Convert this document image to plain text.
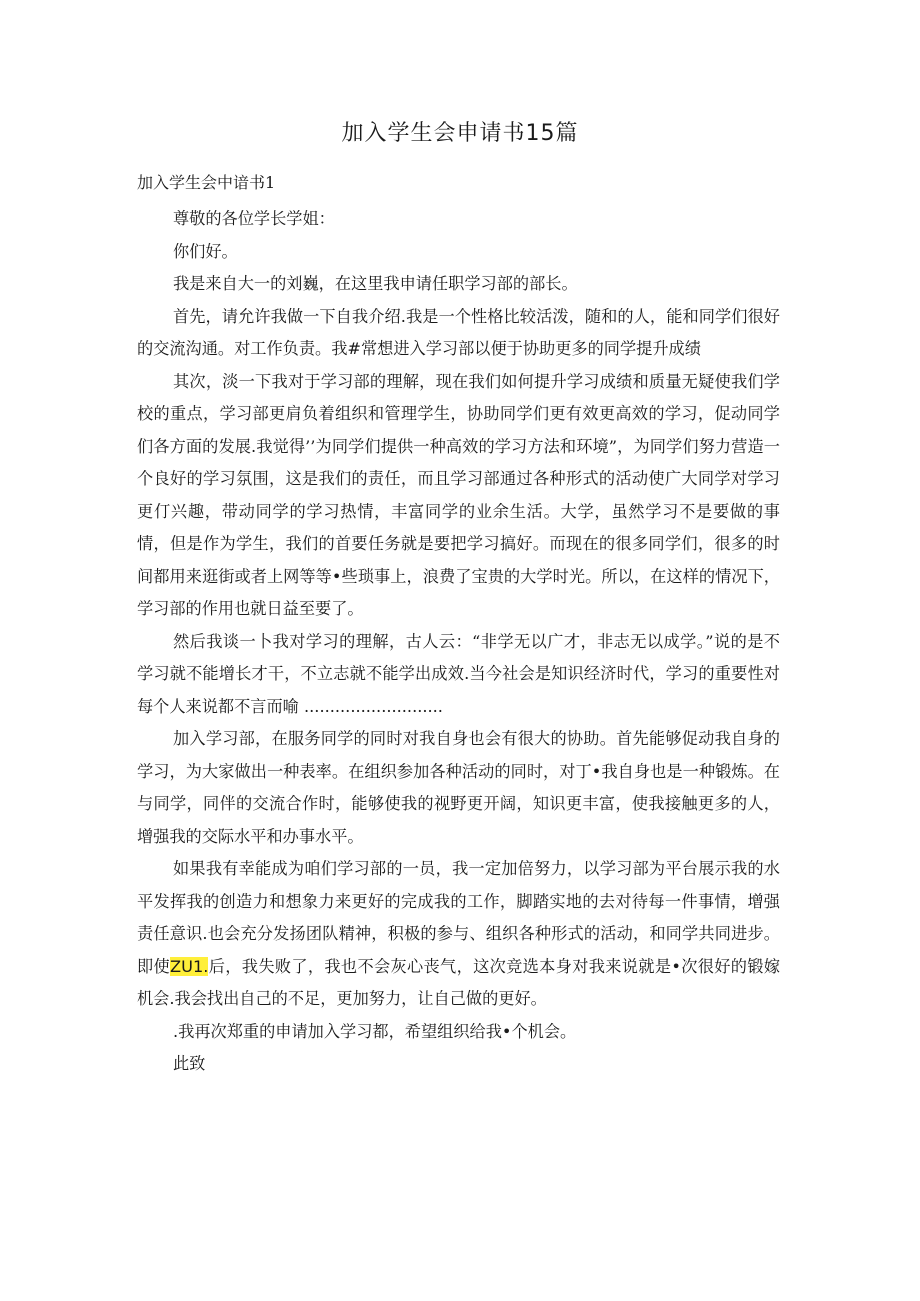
加入学生会申请书15篇
加入学生会中谙书1

尊敬的各位学长学姐：

你们好。

我是来自大一的刘巍，在这里我申请任职学习部的部长。

首先，请允许我做一下自我介绍.我是一个性格比较活泼，随和的人，能和同学们很好的交流沟通。对工作负责。我#常想进入学习部以便于协助更多的同学提升成绩

其次，淡一下我对于学习部的理解，现在我们如何提升学习成绩和质量无疑使我们学校的重点，学习部更肩负着组织和管理学生，协助同学们更有效更高效的学习，促动同学们各方面的发展.我觉得’’为同学们提供一种高效的学习方法和环境”，为同学们努力营造一个良好的学习氛围，这是我们的责任，而且学习部通过各种形式的活动使广大同学对学习更仃兴趣，带动同学的学习热情，丰富同学的业余生活。大学，虽然学习不是要做的事情，但是作为学生，我们的首要任务就是要把学习搞好。而现在的很多同学们，很多的时间都用来逛街或者上网等等•些琐事上，浪费了宝贵的大学时光。所以，在这样的情况下，学习部的作用也就日益至要了。

然后我谈一卜我对学习的理解，古人云：“非学无以广才，非志无以成学。”说的是不学习就不能增长才干，不立志就不能学出成效.当今社会是知识经济时代，学习的重要性对每个人来说都不言而喻 ...........................

加入学习部，在服务同学的同时对我自身也会有很大的协助。首先能够促动我自身的学习，为大家做出一种表率。在组织参加各种活动的同时，对丁•我自身也是一种锻炼。在与同学，同伴的交流合作时，能够使我的视野更开阔，知识更丰富，使我接触更多的人，增强我的交际水平和办事水平。

如果我有幸能成为咱们学习部的一员，我一定加倍努力，以学习部为平台展示我的水平发挥我的创造力和想象力来更好的完成我的工作，脚踏实地的去对待每一件事情，增强责任意识.也会充分发扬团队精神，积极的参与、组织各种形式的活动，和同学共同进步。即使ZU1.后，我失败了，我也不会灰心丧气，这次竞选本身对我来说就是•次很好的锻嫁机会.我会找出自己的不足，更加努力，让自己做的更好。

.我再次郑重的申请加入学习都，希望组织给我•个机会。

此致
